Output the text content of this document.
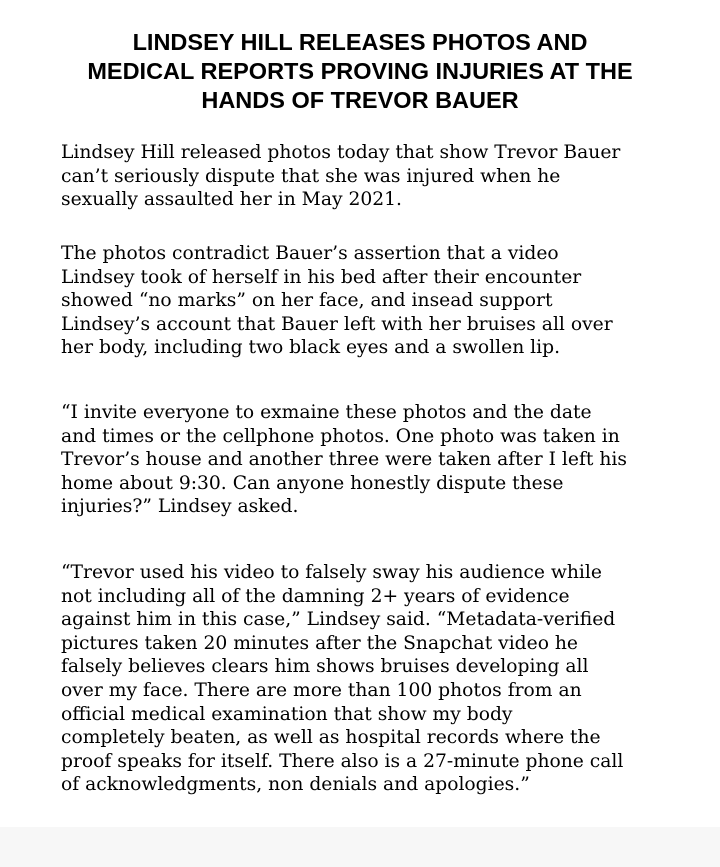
LINDSEY HILL RELEASES PHOTOS AND
MEDICAL REPORTS PROVING INJURIES AT THE
HANDS OF TREVOR BAUER

Lindsey Hill released photos today that show Trevor Bauer
can’t seriously dispute that she was injured when he
sexually assaulted her in May 2021.

The photos contradict Bauer’s assertion that a video
Lindsey took of herself in his bed after their encounter
showed “no marks” on her face, and insead support
Lindsey’s account that Bauer left with her bruises all over
her body, including two black eyes and a swollen lip.

“I invite everyone to exmaine these photos and the date
and times or the cellphone photos. One photo was taken in
Trevor’s house and another three were taken after I left his
home about 9:30. Can anyone honestly dispute these
injuries?” Lindsey asked.

“Trevor used his video to falsely sway his audience while
not including all of the damning 2+ years of evidence
against him in this case,” Lindsey said. “Metadata-verified
pictures taken 20 minutes after the Snapchat video he
falsely believes clears him shows bruises developing all
over my face. There are more than 100 photos from an
official medical examination that show my body
completely beaten, as well as hospital records where the
proof speaks for itself. There also is a 27-minute phone call
of acknowledgments, non denials and apologies.”
